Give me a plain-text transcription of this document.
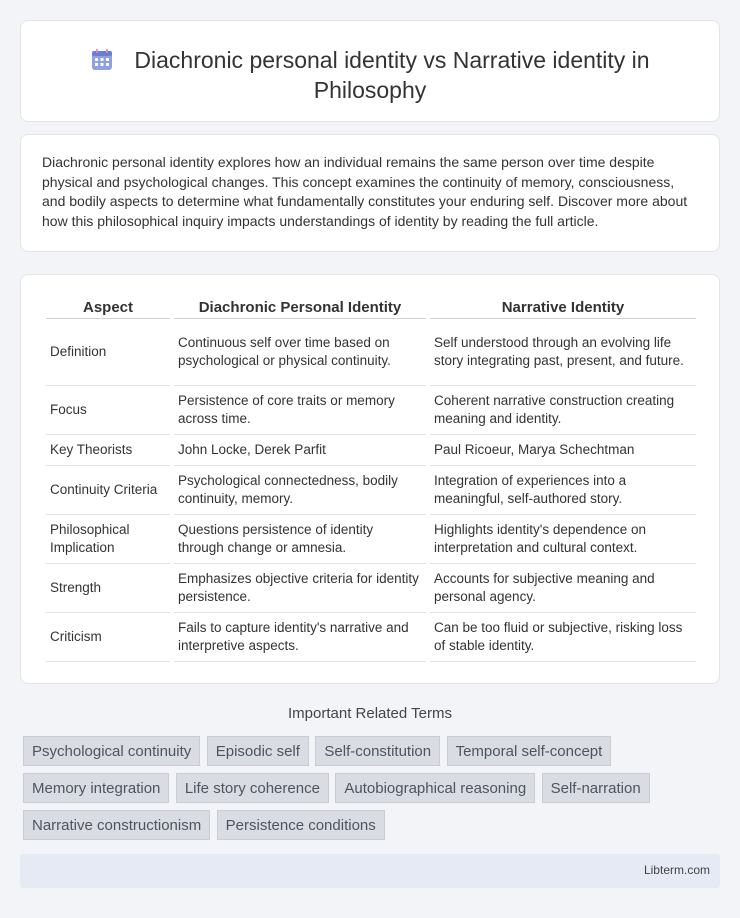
Diachronic personal identity vs Narrative identity in Philosophy
Diachronic personal identity explores how an individual remains the same person over time despite physical and psychological changes. This concept examines the continuity of memory, consciousness, and bodily aspects to determine what fundamentally constitutes your enduring self. Discover more about how this philosophical inquiry impacts understandings of identity by reading the full article.
Aspect	Diachronic Personal Identity	Narrative Identity
Definition	Continuous self over time based on psychological or physical continuity.	Self understood through an evolving life story integrating past, present, and future.
Focus	Persistence of core traits or memory across time.	Coherent narrative construction creating meaning and identity.
Key Theorists	John Locke, Derek Parfit	Paul Ricoeur, Marya Schechtman
Continuity Criteria	Psychological connectedness, bodily continuity, memory.	Integration of experiences into a meaningful, self-authored story.
Philosophical Implication	Questions persistence of identity through change or amnesia.	Highlights identity's dependence on interpretation and cultural context.
Strength	Emphasizes objective criteria for identity persistence.	Accounts for subjective meaning and personal agency.
Criticism	Fails to capture identity's narrative and interpretive aspects.	Can be too fluid or subjective, risking loss of stable identity.
Important Related Terms
Psychological continuity Episodic self Self-constitution Temporal self-concept Memory integration Life story coherence Autobiographical reasoning Self-narration Narrative constructionism Persistence conditions
Libterm.com
